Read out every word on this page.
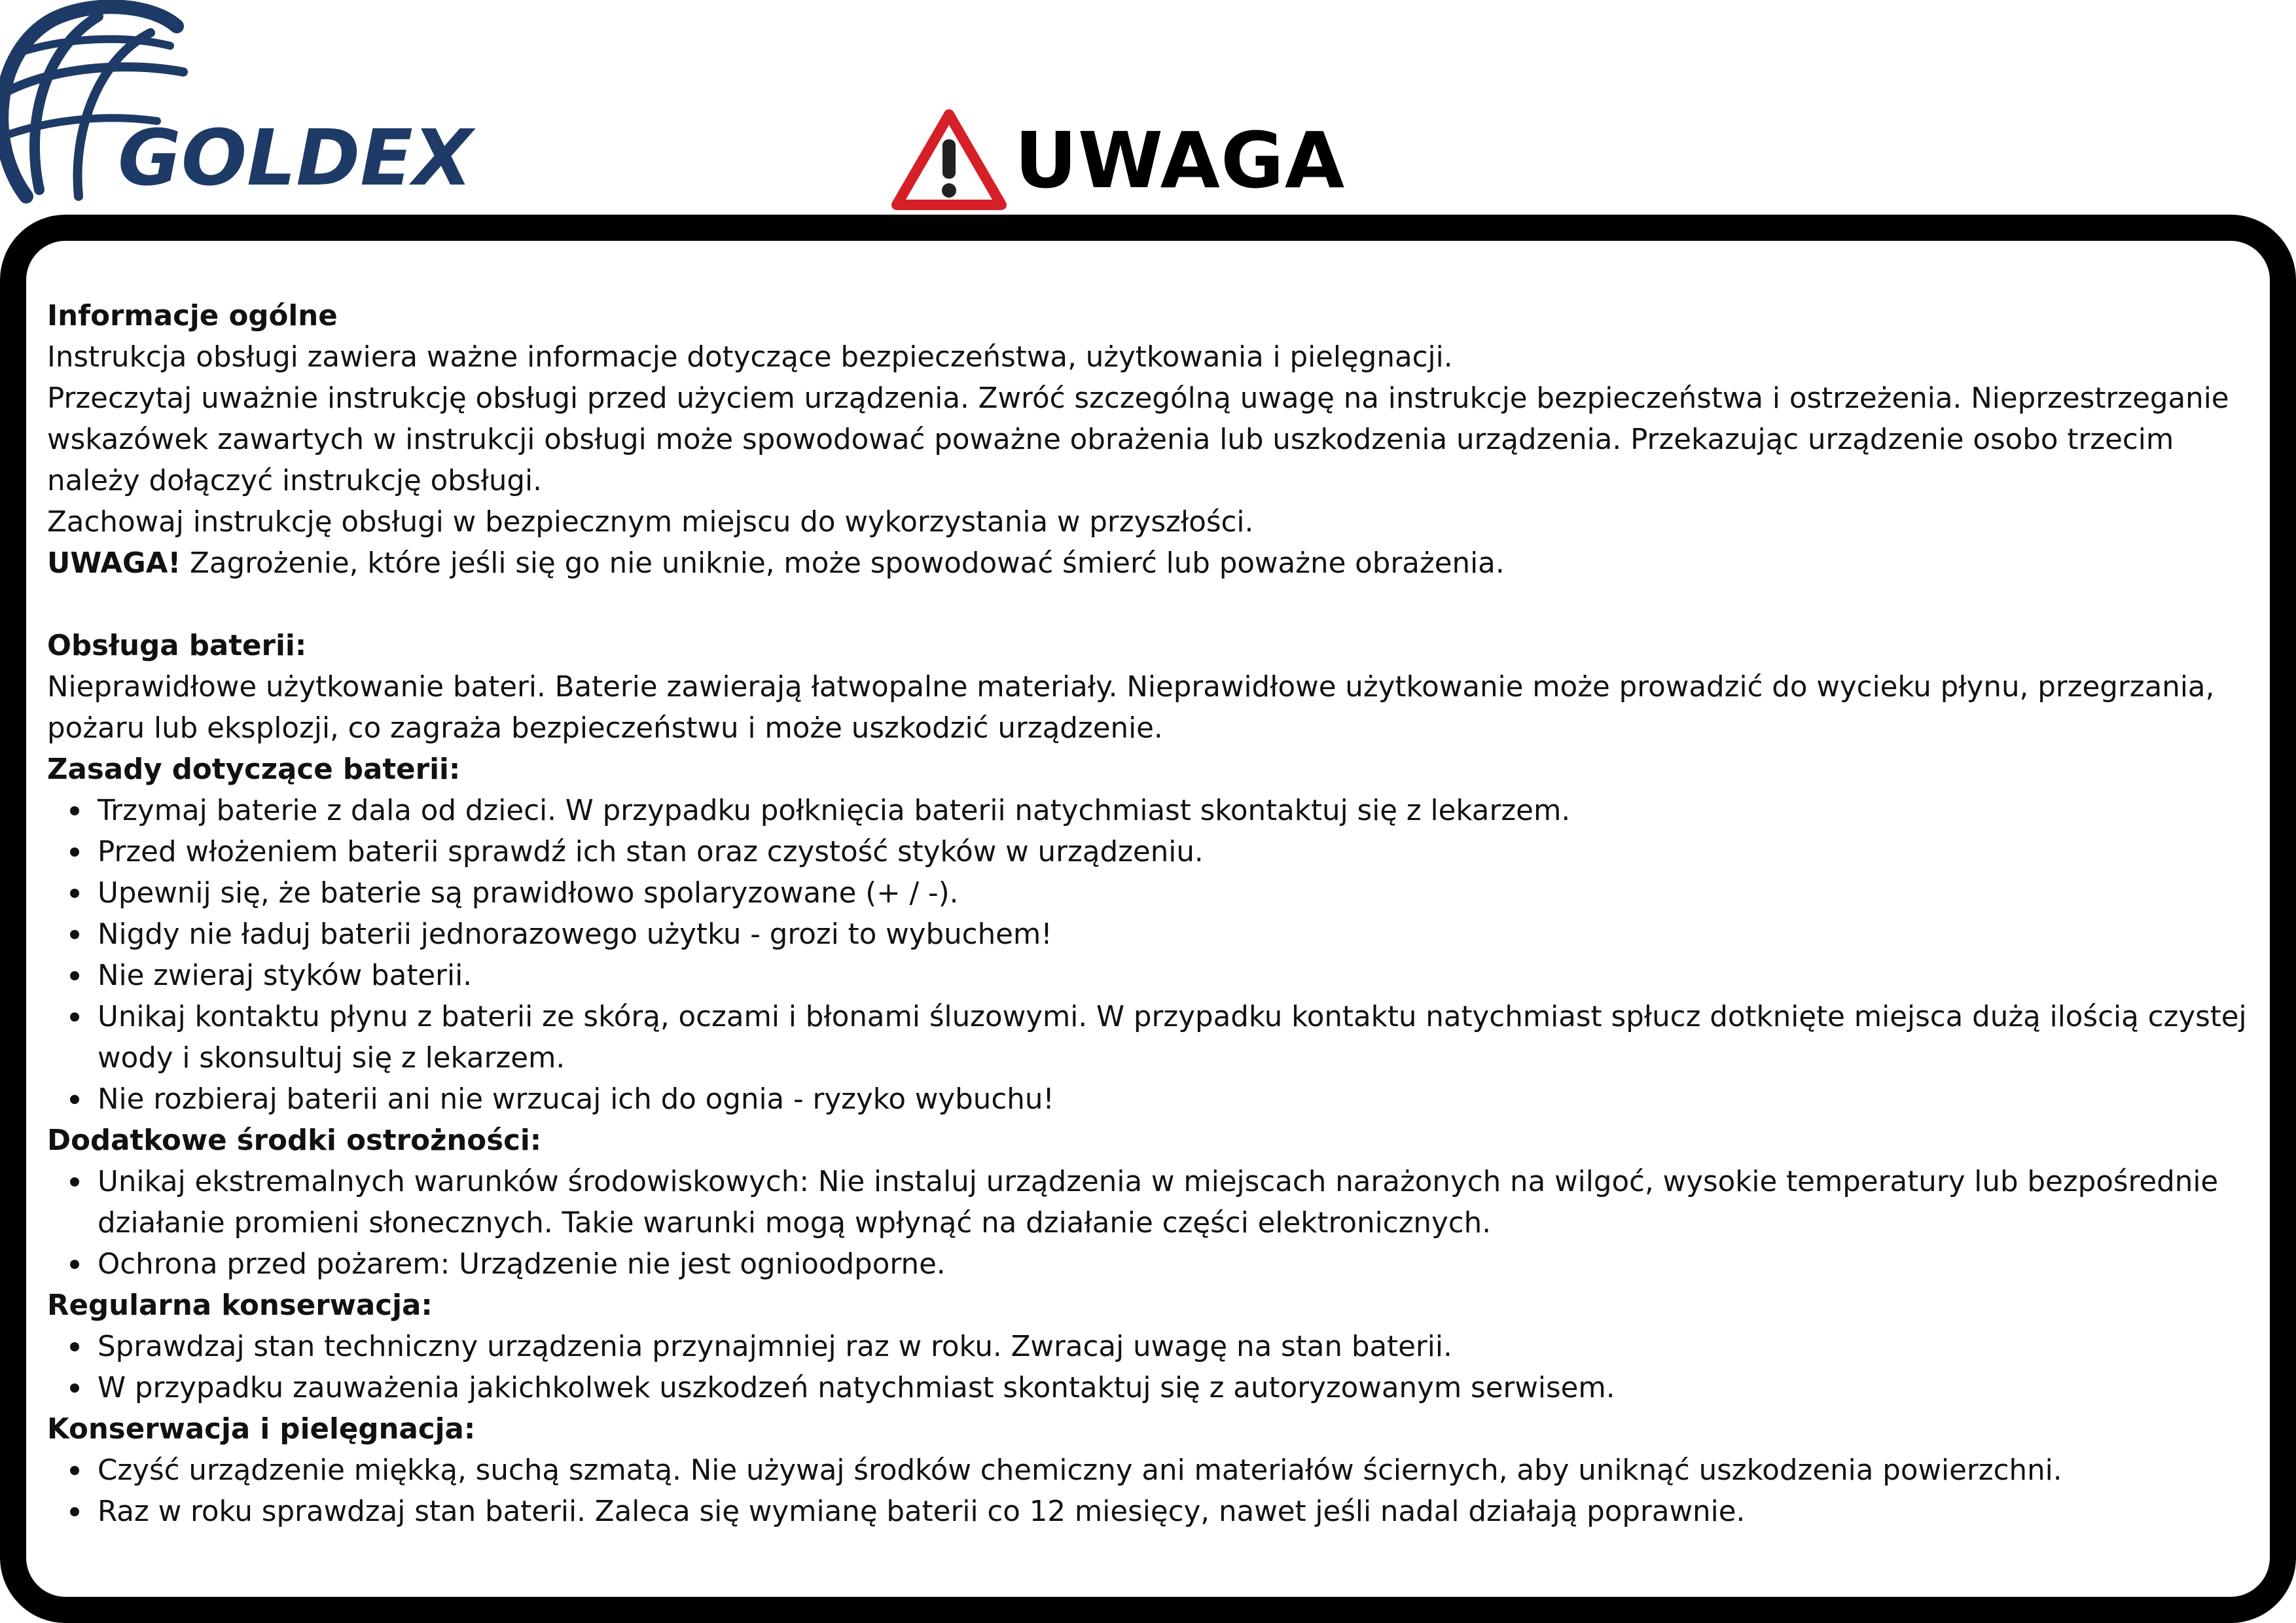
GOLDEX	UWAGA
Informacje ogólne

Instrukcja obsługi zawiera ważne informacje dotyczące bezpieczeństwa, użytkowania i pielęgnacji.

Przeczytaj uważnie instrukcję obsługi przed użyciem urządzenia. Zwróć szczególną uwagę na instrukcje bezpieczeństwa i ostrzeżenia. Nieprzestrzeganie wskazówek zawartych w instrukcji obsługi może spowodować poważne obrażenia lub uszkodzenia urządzenia. Przekazując urządzenie osobo trzecim należy dołączyć instrukcję obsługi.

Zachowaj instrukcję obsługi w bezpiecznym miejscu do wykorzystania w przyszłości.

UWAGA! Zagrożenie, które jeśli się go nie uniknie, może spowodować śmierć lub poważne obrażenia.

Obsługa baterii:

Nieprawidłowe użytkowanie bateri. Baterie zawierają łatwopalne materiały. Nieprawidłowe użytkowanie może prowadzić do wycieku płynu, przegrzania, pożaru lub eksplozji, co zagraża bezpieczeństwu i może uszkodzić urządzenie.

Zasady dotyczące baterii:
Trzymaj baterie z dala od dzieci. W przypadku połknięcia baterii natychmiast skontaktuj się z lekarzem.
Przed włożeniem baterii sprawdź ich stan oraz czystość styków w urządzeniu.
Upewnij się, że baterie są prawidłowo spolaryzowane (+ / -).
Nigdy nie ładuj baterii jednorazowego użytku - grozi to wybuchem!
Nie zwieraj styków baterii.
Unikaj kontaktu płynu z baterii ze skórą, oczami i błonami śluzowymi. W przypadku kontaktu natychmiast spłucz dotknięte miejsca dużą ilością czystej wody i skonsultuj się z lekarzem.
Nie rozbieraj baterii ani nie wrzucaj ich do ognia - ryzyko wybuchu!
Dodatkowe środki ostrożności:
Unikaj ekstremalnych warunków środowiskowych: Nie instaluj urządzenia w miejscach narażonych na wilgoć, wysokie temperatury lub bezpośrednie działanie promieni słonecznych. Takie warunki mogą wpłynąć na działanie części elektronicznych.
Ochrona przed pożarem: Urządzenie nie jest ognioodporne.
Regularna konserwacja:
Sprawdzaj stan techniczny urządzenia przynajmniej raz w roku. Zwracaj uwagę na stan baterii.
W przypadku zauważenia jakichkolwek uszkodzeń natychmiast skontaktuj się z autoryzowanym serwisem.
Konserwacja i pielęgnacja:
Czyść urządzenie miękką, suchą szmatą. Nie używaj środków chemiczny ani materiałów ściernych, aby uniknąć uszkodzenia powierzchni.
Raz w roku sprawdzaj stan baterii. Zaleca się wymianę baterii co 12 miesięcy, nawet jeśli nadal działają poprawnie.
